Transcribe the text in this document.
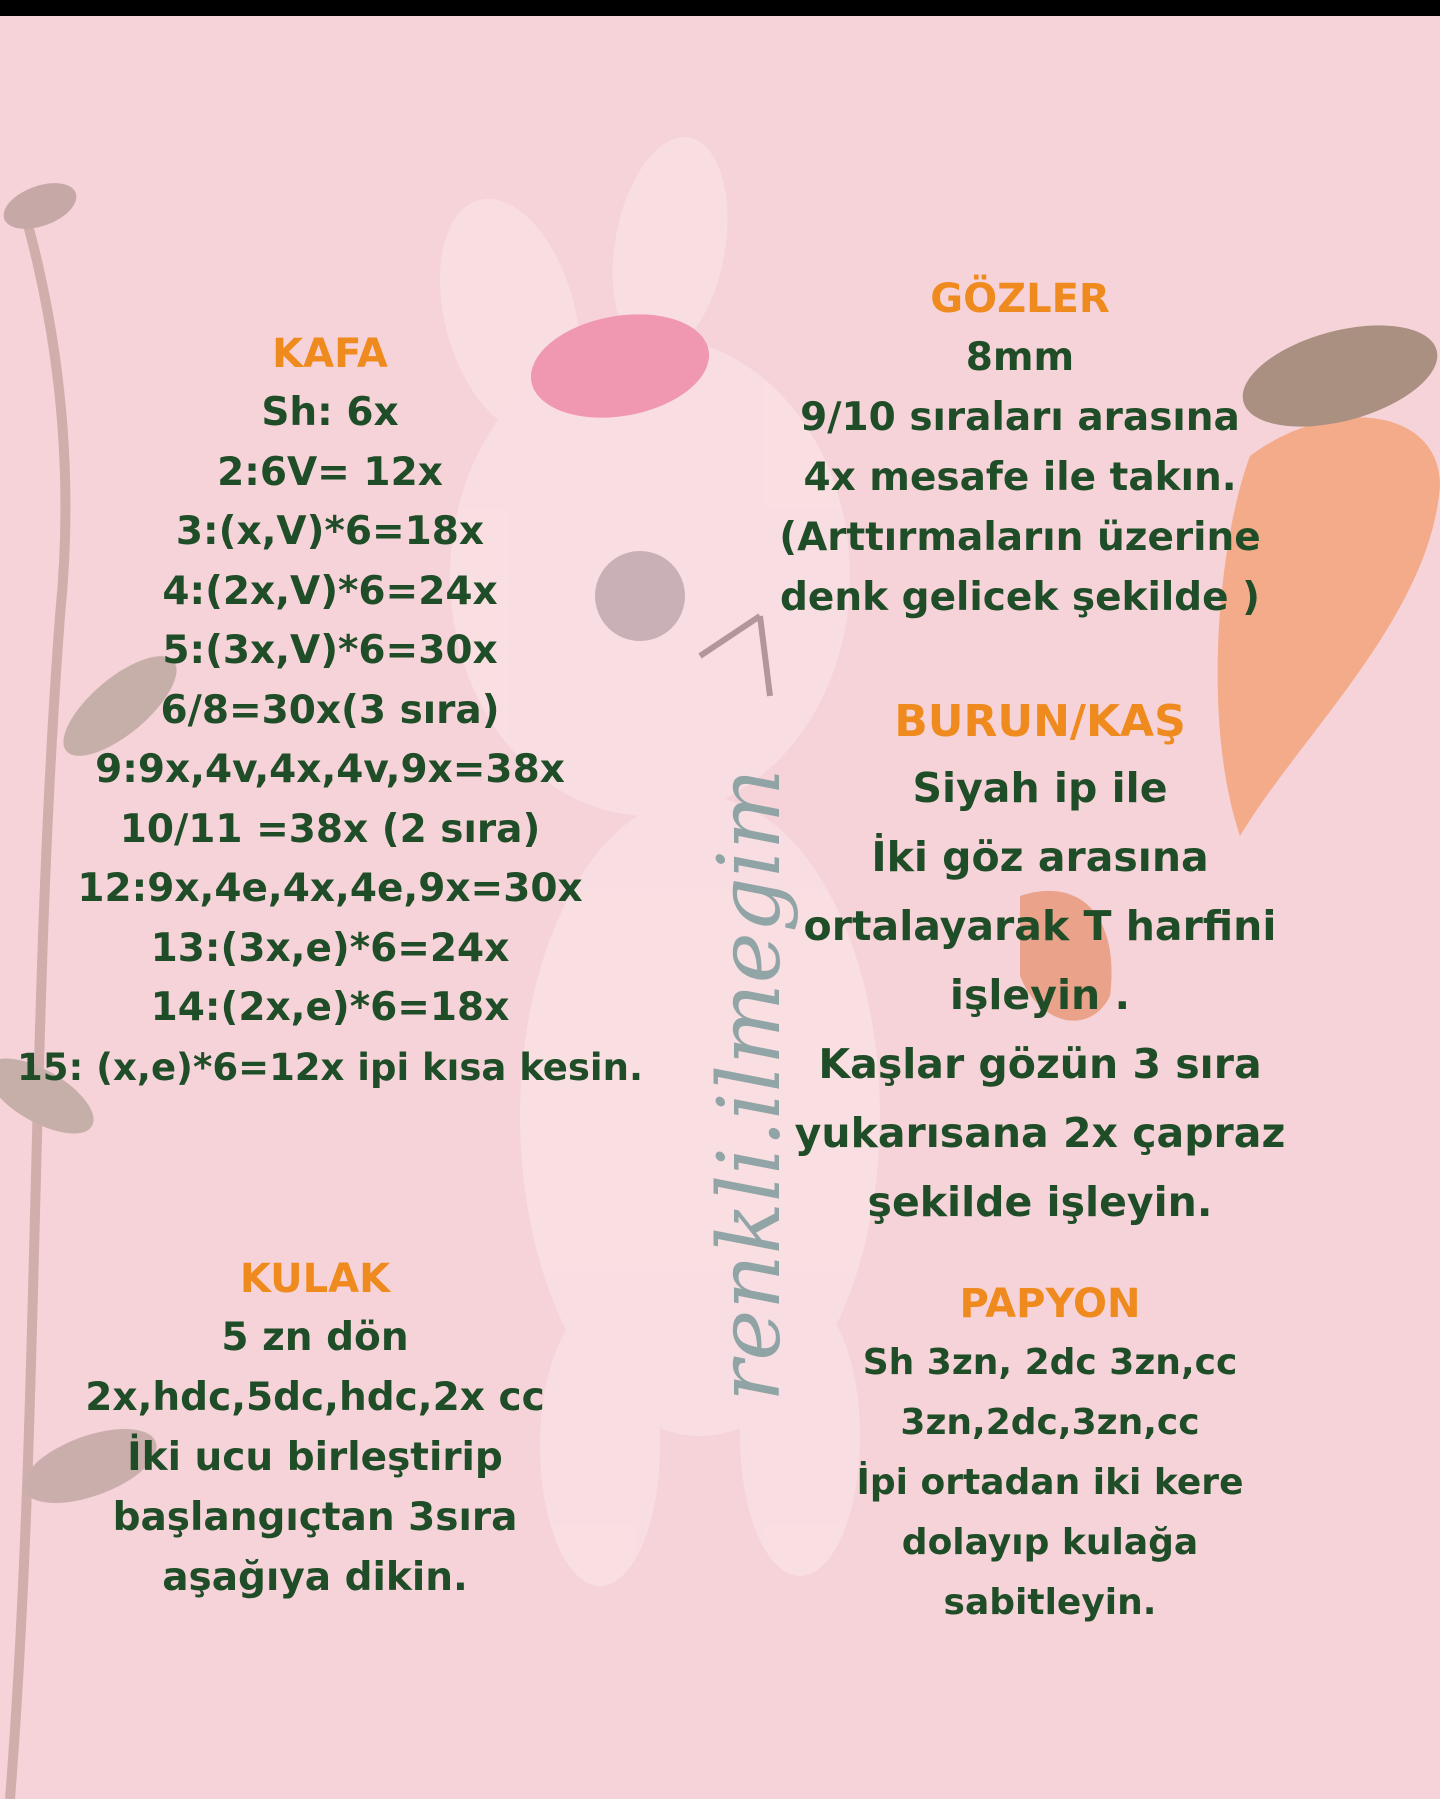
renkli.ilmegim
KAFA
Sh: 6x
2:6V= 12x
3:(x,V)*6=18x
4:(2x,V)*6=24x
5:(3x,V)*6=30x
6/8=30x(3 sıra)
9:9x,4v,4x,4v,9x=38x
10/11 =38x (2 sıra)
12:9x,4e,4x,4e,9x=30x
13:(3x,e)*6=24x
14:(2x,e)*6=18x
15: (x,e)*6=12x ipi kısa kesin.
KULAK
5 zn dön
2x,hdc,5dc,hdc,2x cc
İki ucu birleştirip
başlangıçtan 3sıra
aşağıya dikin.
GÖZLER
8mm
9/10 sıraları arasına
4x mesafe ile takın.
(Arttırmaların üzerine
denk gelicek şekilde )
BURUN/KAŞ
Siyah ip ile
İki göz arasına
ortalayarak T harfini
işleyin .
Kaşlar gözün 3 sıra
yukarısana 2x çapraz
şekilde işleyin.
PAPYON
Sh 3zn, 2dc 3zn,cc
3zn,2dc,3zn,cc
İpi ortadan iki kere
dolayıp kulağa
sabitleyin.
